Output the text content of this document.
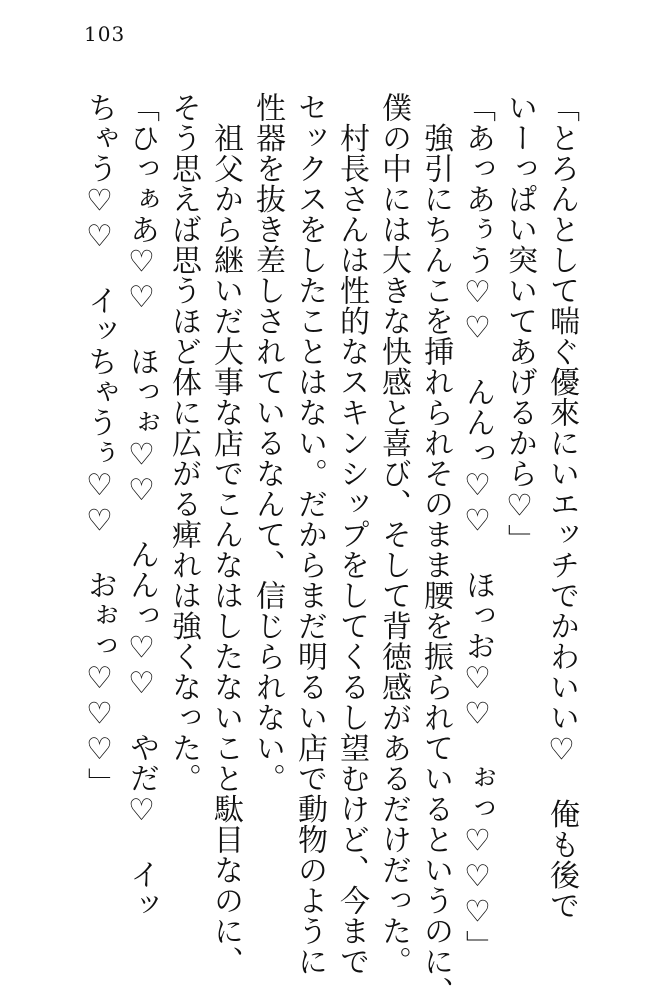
103
「とろんとして喘ぐ優來にいエッチでかわいい♡　俺も後で
いーっぱい突いてあげるから♡」
「あっあぅう♡♡　んんっ♡♡　ほっお♡♡　ぉっ♡♡♡」
　強引にちんこを挿れられそのまま腰を振られているというのに、
僕の中には大きな快感と喜び、そして背徳感があるだけだった。
　村長さんは性的なスキンシップをしてくるし望むけど、今まで
セックスをしたことはない。だからまだ明るい店で動物のように
性器を抜き差しされているなんて、信じられない。
　祖父から継いだ大事な店でこんなはしたないこと駄目なのに、
そう思えば思うほど体に広がる痺れは強くなった。
「ひっぁあ♡♡　ほっぉ♡♡　んんっ♡♡　やだ♡　イッ
ちゃう♡♡　イッちゃうぅ♡♡　おぉっ♡♡♡」
